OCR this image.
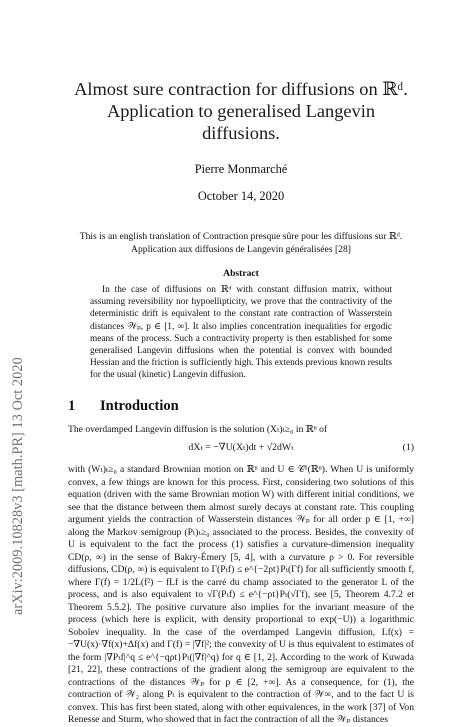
arXiv:2009.10828v3 [math.PR] 13 Oct 2020
Almost sure contraction for diffusions on ℝᵈ. Application to generalised Langevin diffusions.
Pierre Monmarché
October 14, 2020
This is an english translation of Contraction presque sûre pour les diffusions sur ℝᵈ. Application aux diffusions de Langevin généralisées [28]
Abstract
In the case of diffusions on ℝᵈ with constant diffusion matrix, without assuming reversibility nor hypoellipticity, we prove that the contractivity of the deterministic drift is equivalent to the constant rate contraction of Wasserstein distances 𝒲ₚ, p ∈ [1, ∞]. It also implies concentration inequalities for ergodic means of the process. Such a contractivity property is then established for some generalised Langevin diffusions when the potential is convex with bounded Hessian and the friction is sufficiently high. This extends previous known results for the usual (kinetic) Langevin diffusion.
1 Introduction
The overdamped Langevin diffusion is the solution (Xₜ)ₜ≥₀ in ℝⁿ of
dXₜ = −∇U(Xₜ)dt + √2dWₜ	(1)
with (Wₜ)ₜ≥₀ a standard Brownian motion on ℝⁿ and U ∈ 𝒞¹(ℝⁿ). When U is uniformly convex, a few things are known for this process. First, considering two solutions of this equation (driven with the same Brownian motion W) with different initial conditions, we see that the distance between them almost surely decays at constant rate. This coupling argument yields the contraction of Wasserstein distances 𝒲ₚ for all order p ∈ [1, +∞] along the Markov semigroup (Pₜ)ₜ≥₀ associated to the process. Besides, the convexity of U is equivalent to the fact the process (1) satisfies a curvature-dimension inequality CD(ρ, ∞) in the sense of Bakry-Émery [5, 4], with a curvature ρ > 0. For reversible diffusions, CD(ρ, ∞) is equivalent to Γ(Pₜf) ≤ e^{−2ρt}Pₜ(Γf) for all sufficiently smooth f, where Γ(f) = 1/2L(f²) − fLf is the carré du champ associated to the generator L of the process, and is also equivalent to √Γ(Pₜf) ≤ e^{−ρt}Pₜ(√Γf), see [5, Theorem 4.7.2 et Theorem 5.5.2]. The positive curvature also implies for the invariant measure of the process (which here is explicit, with density proportional to exp(−U)) a logarithmic Sobolev inequality. In the case of the overdamped Langevin diffusion, Lf(x) = −∇U(x)·∇f(x)+Δf(x) and Γ(f) = |∇f|²; the convexity of U is thus equivalent to estimates of the form |∇Pₜf|^q ≤ e^{−qρt}Pₜ(|∇f|^q) for q ∈ [1, 2]. According to the work of Kuwada [21, 22], these contractions of the gradient along the semigroup are equivalent to the contractions of the distances 𝒲ₚ for p ∈ [2, +∞]. As a consequence, for (1), the contraction of 𝒲₂ along Pₜ is equivalent to the contraction of 𝒲∞, and to the fact U is convex. This has first been stated, along with other equivalences, in the work [37] of Von Renesse and Sturm, who showed that in fact the contraction of all the 𝒲ₚ distances
